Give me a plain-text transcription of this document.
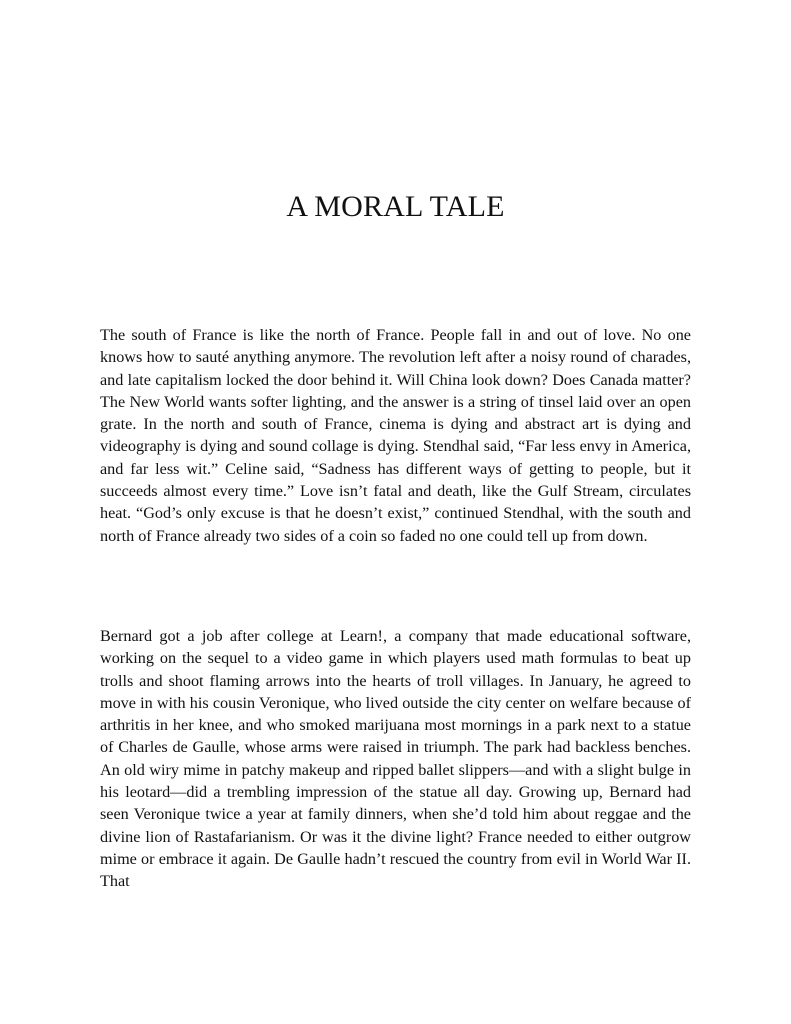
A MORAL TALE

The south of France is like the north of France. People fall in and out of love. No one knows how to sauté anything anymore. The revolution left after a noisy round of charades, and late capitalism locked the door behind it. Will China look down? Does Canada matter? The New World wants softer lighting, and the answer is a string of tinsel laid over an open grate. In the north and south of France, cinema is dying and abstract art is dying and videography is dying and sound collage is dying. Stendhal said, “Far less envy in America, and far less wit.” Celine said, “Sadness has different ways of getting to people, but it succeeds almost every time.” Love isn’t fatal and death, like the Gulf Stream, circulates heat. “God’s only excuse is that he doesn’t exist,” continued Stendhal, with the south and north of France already two sides of a coin so faded no one could tell up from down.

Bernard got a job after college at Learn!, a company that made educational software, working on the sequel to a video game in which players used math formulas to beat up trolls and shoot flaming arrows into the hearts of troll villages. In January, he agreed to move in with his cousin Veronique, who lived outside the city center on welfare because of arthritis in her knee, and who smoked marijuana most mornings in a park next to a statue of Charles de Gaulle, whose arms were raised in triumph. The park had backless benches. An old wiry mime in patchy makeup and ripped ballet slippers—and with a slight bulge in his leotard—did a trembling impression of the statue all day. Growing up, Bernard had seen Veronique twice a year at family dinners, when she’d told him about reggae and the divine lion of Rastafarianism. Or was it the divine light? France needed to either outgrow mime or embrace it again. De Gaulle hadn’t rescued the country from evil in World War II. That
